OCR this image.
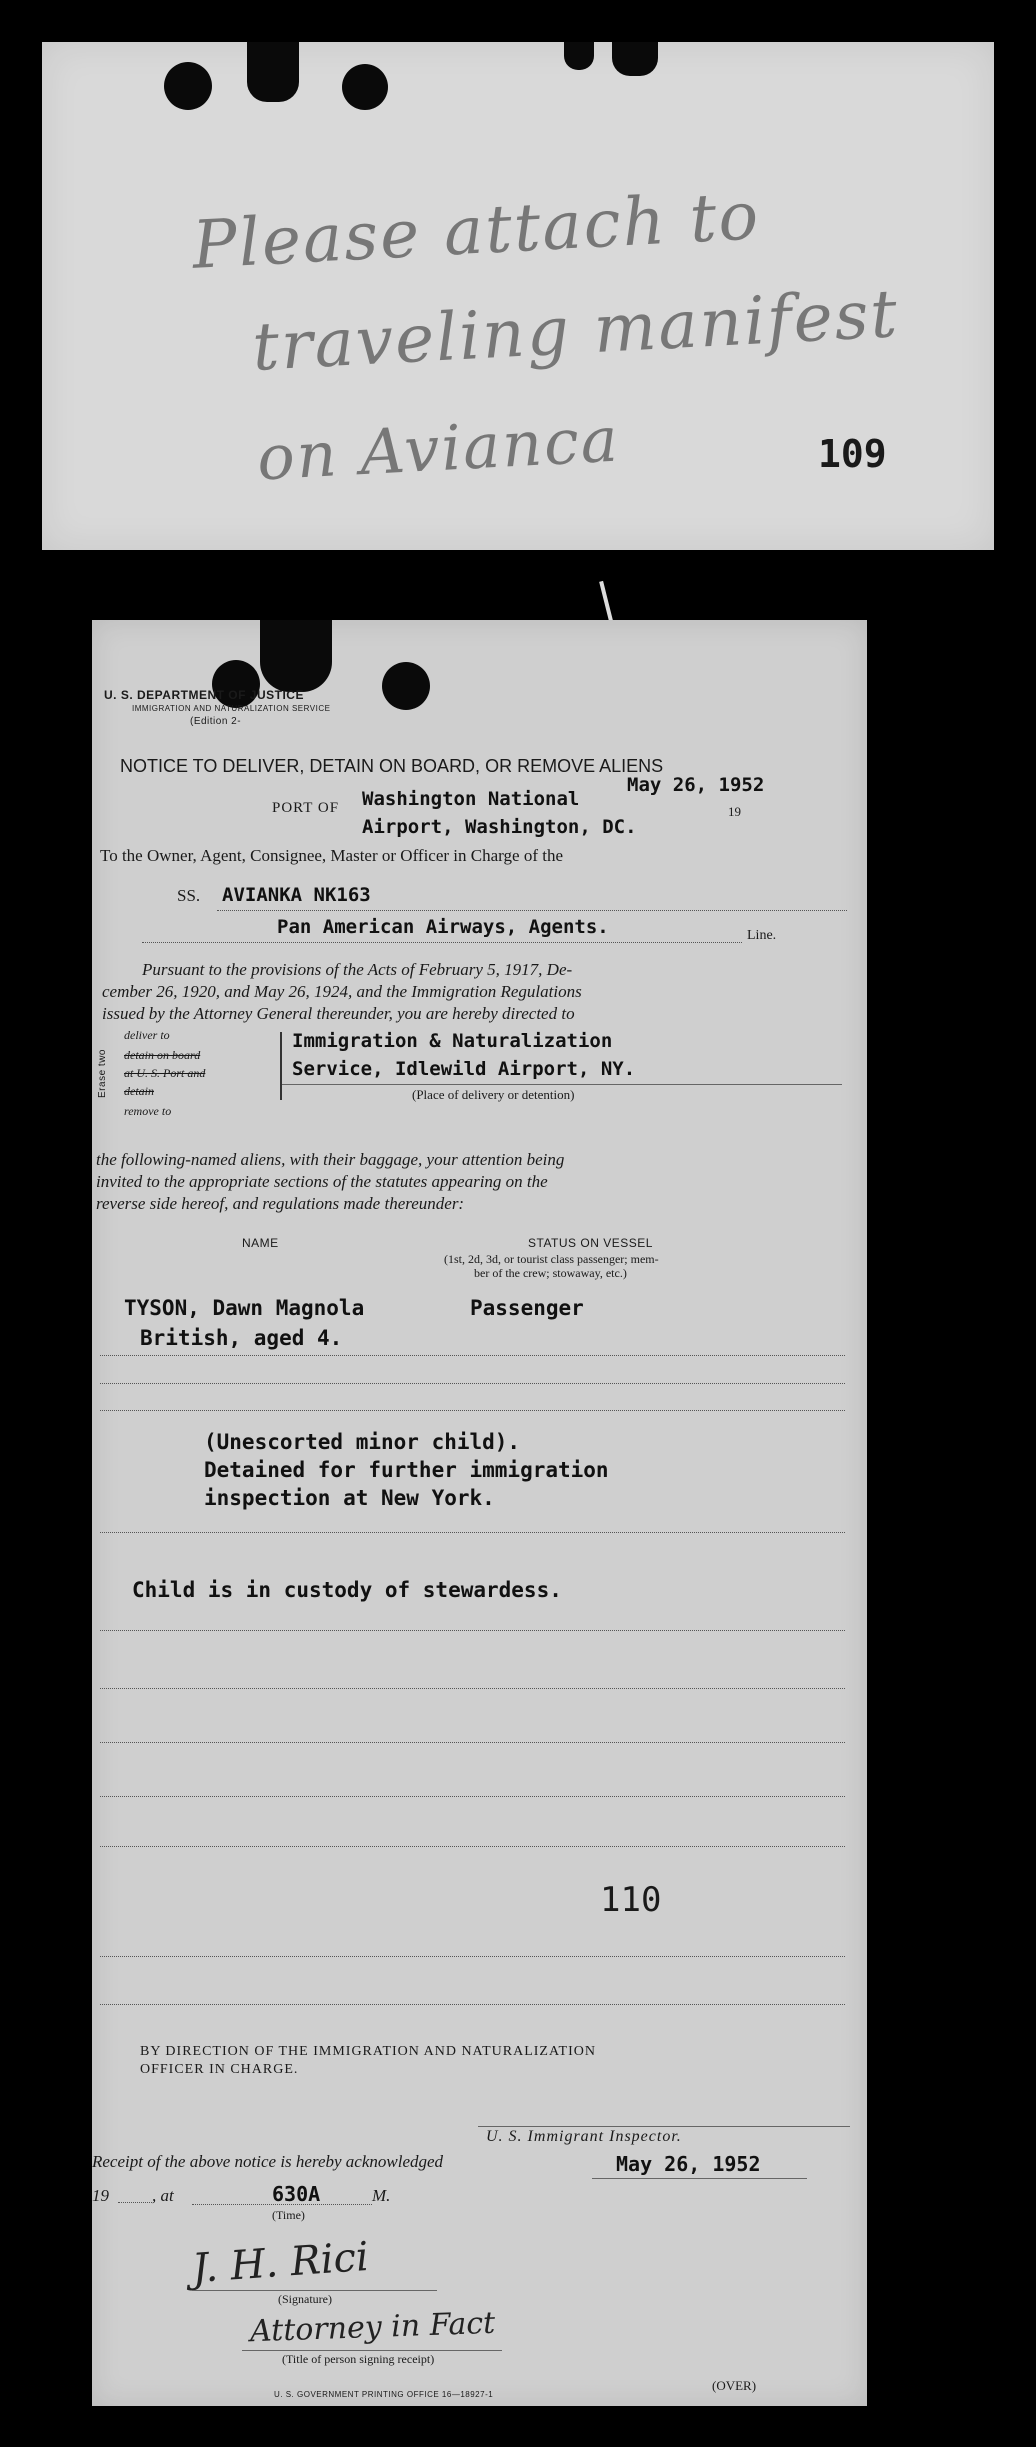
Please attach to
traveling manifest
on Avianca	109
U. S. DEPARTMENT OF JUSTICE
IMMIGRATION AND NATURALIZATION SERVICE
(Edition 2-
NOTICE TO DELIVER, DETAIN ON BOARD, OR REMOVE ALIENS
May 26, 1952
PORT OF Washington National
19
Airport, Washington, DC.
To the Owner, Agent, Consignee, Master or Officer in Charge of the
SS. AVIANKA NK163
Pan American Airways, Agents.	Line.
Pursuant to the provisions of the Acts of February 5, 1917, De-
cember 26, 1920, and May 26, 1924, and the Immigration Regulations
issued by the Attorney General thereunder, you are hereby directed to
Erase two
deliver to
detain on board
at U. S. Port and
detain
remove to
Immigration & Naturalization
Service, Idlewild Airport, NY.
(Place of delivery or detention)
the following-named aliens, with their baggage, your attention being
invited to the appropriate sections of the statutes appearing on the
reverse side hereof, and regulations made thereunder:
NAME	STATUS ON VESSEL
(1st, 2d, 3d, or tourist class passenger; mem-
ber of the crew; stowaway, etc.)
TYSON, Dawn Magnola	Passenger
British, aged 4.
(Unescorted minor child).
Detained for further immigration
inspection at New York.
Child is in custody of stewardess.
110
BY DIRECTION OF THE IMMIGRATION AND NATURALIZATION
OFFICER IN CHARGE.
U. S. Immigrant Inspector.
Receipt of the above notice is hereby acknowledged	May 26, 1952
19	, at	630A	M.
(Time)
J. H. Rici
(Signature)
Attorney in Fact
(Title of person signing receipt)
(OVER)
U. S. GOVERNMENT PRINTING OFFICE 16—18927-1
